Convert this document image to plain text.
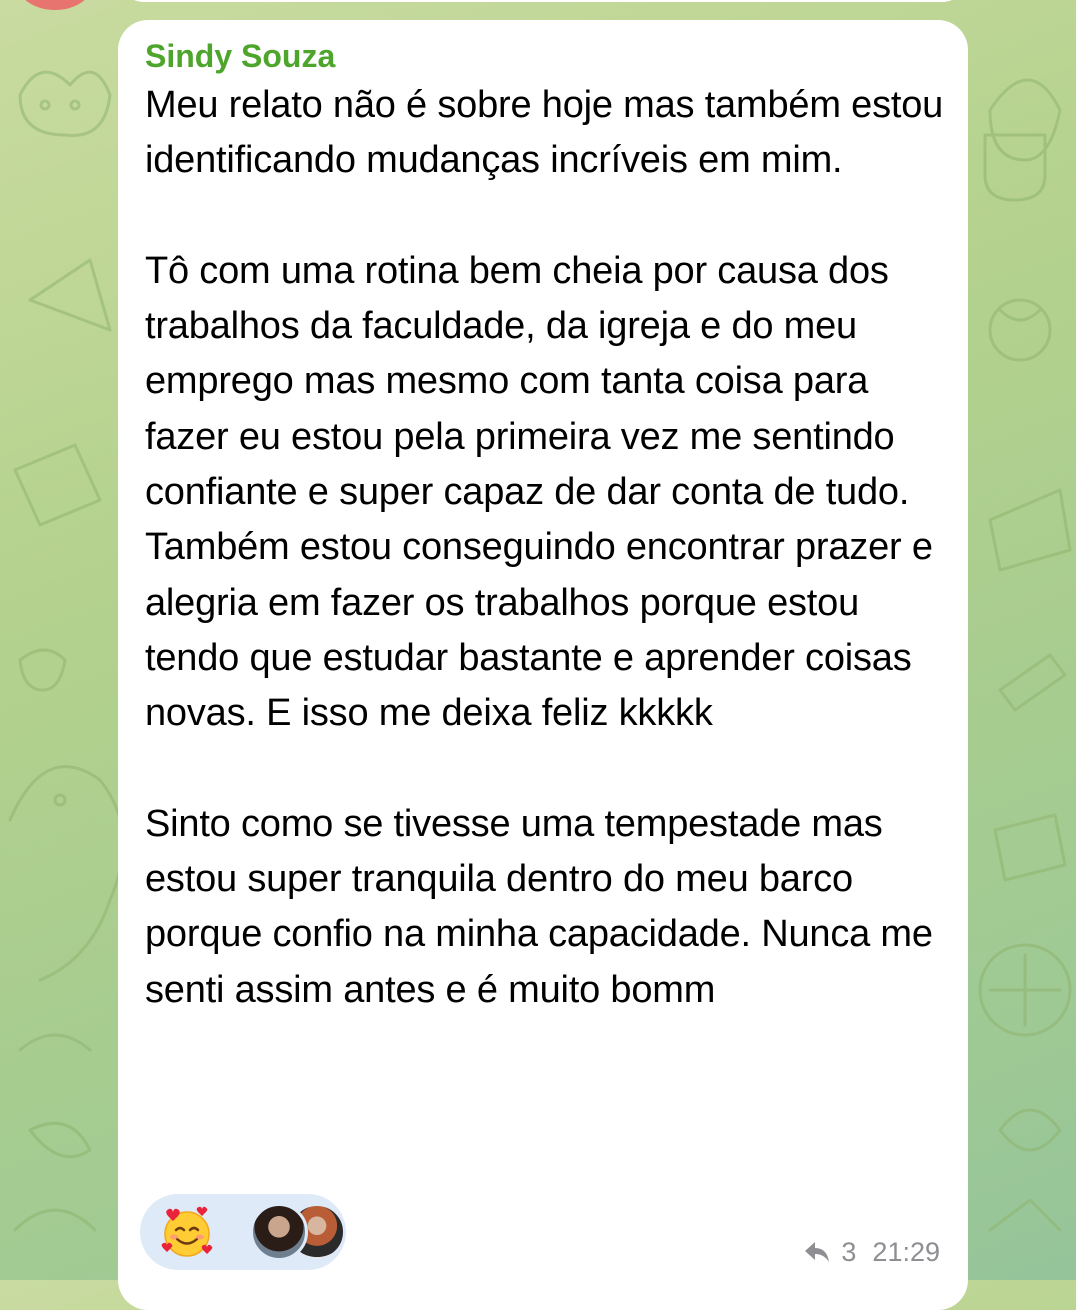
Sindy Souza
Meu relato não é sobre hoje mas também estou identificando mudanças incríveis em mim.

Tô com uma rotina bem cheia por causa dos trabalhos da faculdade, da igreja e do meu emprego mas mesmo com tanta coisa para fazer eu estou pela primeira vez me sentindo confiante e super capaz de dar conta de tudo. Também estou conseguindo encontrar prazer e alegria em fazer os trabalhos porque estou tendo que estudar bastante e aprender coisas novas. E isso me deixa feliz kkkkk

Sinto como se tivesse uma tempestade mas estou super tranquila dentro do meu barco porque confio na minha capacidade. Nunca me senti assim antes e é muito bomm
3 21:29
